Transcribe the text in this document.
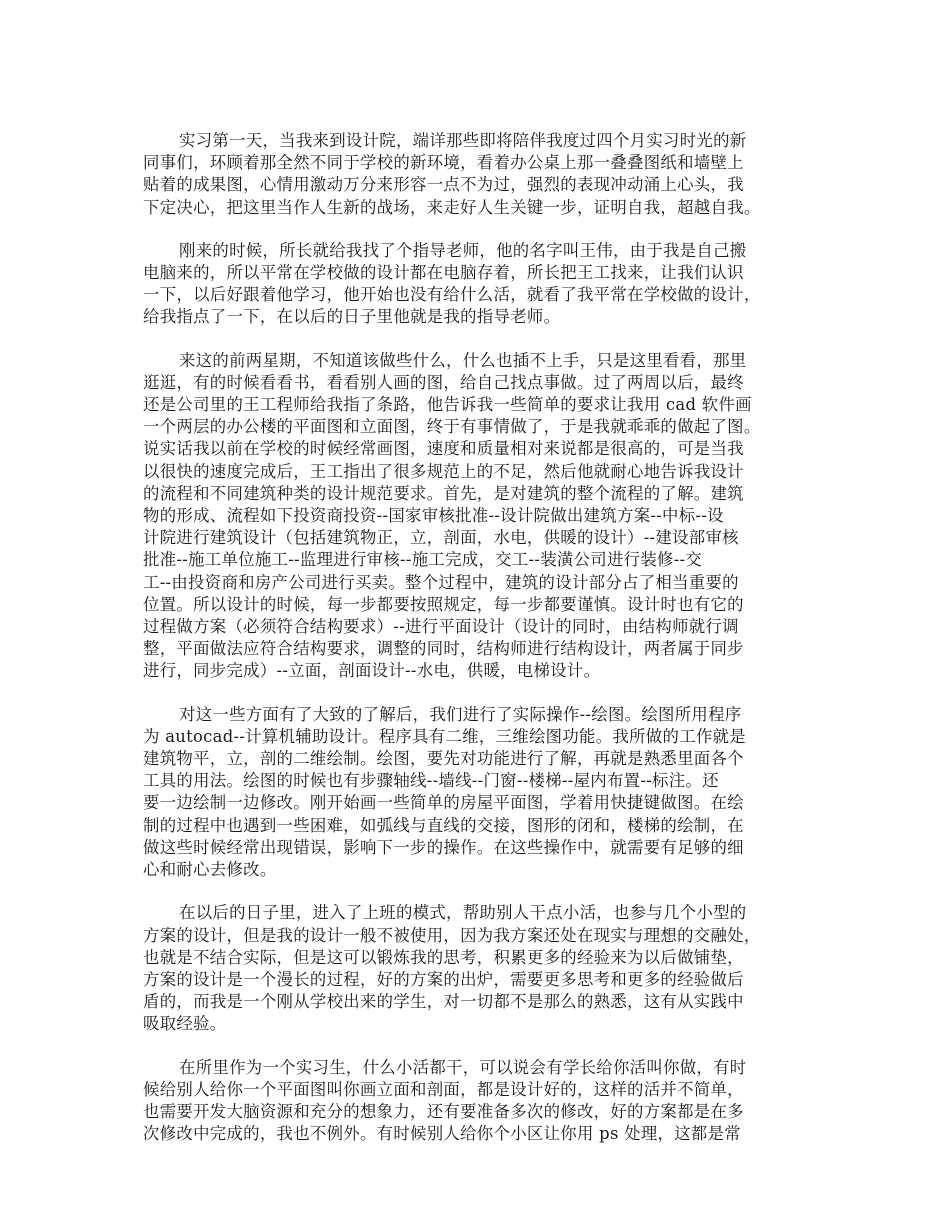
实习第一天，当我来到设计院，端详那些即将陪伴我度过四个月实习时光的新
同事们，环顾着那全然不同于学校的新环境，看着办公桌上那一叠叠图纸和墙壁上
贴着的成果图，心情用激动万分来形容一点不为过，强烈的表现冲动涌上心头，我
下定决心，把这里当作人生新的战场，来走好人生关键一步，证明自我，超越自我。

刚来的时候，所长就给我找了个指导老师，他的名字叫王伟，由于我是自己搬
电脑来的，所以平常在学校做的设计都在电脑存着，所长把王工找来，让我们认识
一下，以后好跟着他学习，他开始也没有给什么活，就看了我平常在学校做的设计，
给我指点了一下，在以后的日子里他就是我的指导老师。

来这的前两星期，不知道该做些什么，什么也插不上手，只是这里看看，那里
逛逛，有的时候看看书，看看别人画的图，给自己找点事做。过了两周以后，最终
还是公司里的王工程师给我指了条路，他告诉我一些简单的要求让我用 cad 软件画
一个两层的办公楼的平面图和立面图，终于有事情做了，于是我就乖乖的做起了图。
说实话我以前在学校的时候经常画图，速度和质量相对来说都是很高的，可是当我
以很快的速度完成后，王工指出了很多规范上的不足，然后他就耐心地告诉我设计
的流程和不同建筑种类的设计规范要求。首先，是对建筑的整个流程的了解。建筑
物的形成、流程如下投资商投资--国家审核批准--设计院做出建筑方案--中标--设
计院进行建筑设计（包括建筑物正，立，剖面，水电，供暖的设计）--建设部审核
批准--施工单位施工--监理进行审核--施工完成，交工--装潢公司进行装修--交
工--由投资商和房产公司进行买卖。整个过程中，建筑的设计部分占了相当重要的
位置。所以设计的时候，每一步都要按照规定，每一步都要谨慎。设计时也有它的
过程做方案（必须符合结构要求）--进行平面设计（设计的同时，由结构师就行调
整，平面做法应符合结构要求，调整的同时，结构师进行结构设计，两者属于同步
进行，同步完成）--立面，剖面设计--水电，供暖，电梯设计。

对这一些方面有了大致的了解后，我们进行了实际操作--绘图。绘图所用程序
为 autocad--计算机辅助设计。程序具有二维，三维绘图功能。我所做的工作就是
建筑物平，立，剖的二维绘制。绘图，要先对功能进行了解，再就是熟悉里面各个
工具的用法。绘图的时候也有步骤轴线--墙线--门窗--楼梯--屋内布置--标注。还
要一边绘制一边修改。刚开始画一些简单的房屋平面图，学着用快捷键做图。在绘
制的过程中也遇到一些困难，如弧线与直线的交接，图形的闭和，楼梯的绘制，在
做这些时候经常出现错误，影响下一步的操作。在这些操作中，就需要有足够的细
心和耐心去修改。

在以后的日子里，进入了上班的模式，帮助别人干点小活，也参与几个小型的
方案的设计，但是我的设计一般不被使用，因为我方案还处在现实与理想的交融处，
也就是不结合实际，但是这可以锻炼我的思考，积累更多的经验来为以后做铺垫，
方案的设计是一个漫长的过程，好的方案的出炉，需要更多思考和更多的经验做后
盾的，而我是一个刚从学校出来的学生，对一切都不是那么的熟悉，这有从实践中
吸取经验。

在所里作为一个实习生，什么小活都干，可以说会有学长给你活叫你做，有时
候给别人给你一个平面图叫你画立面和剖面，都是设计好的，这样的活并不简单，
也需要开发大脑资源和充分的想象力，还有要准备多次的修改，好的方案都是在多
次修改中完成的，我也不例外。有时候别人给你个小区让你用 ps 处理，这都是常
